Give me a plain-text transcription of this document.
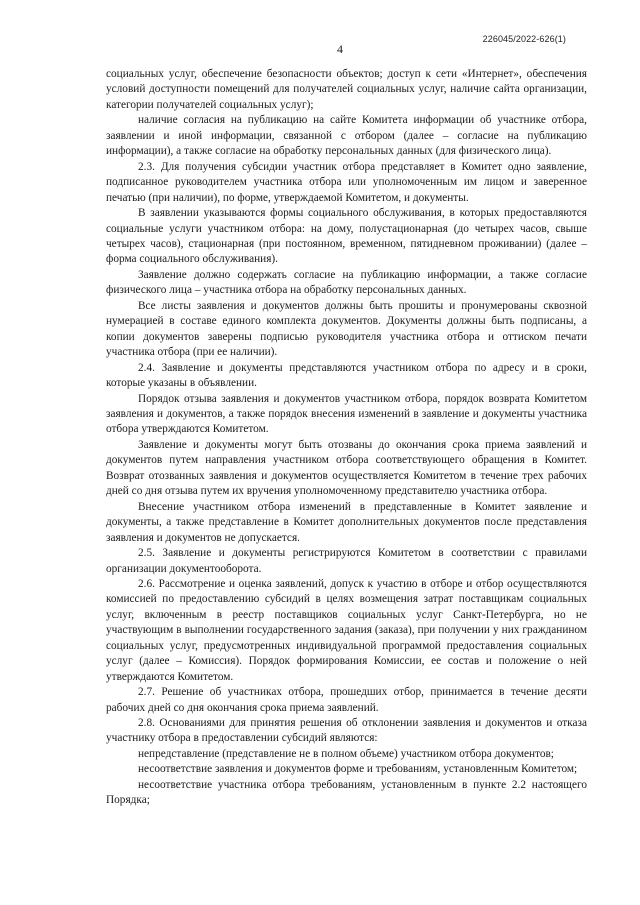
226045/2022-626(1)
4

социальных услуг, обеспечение безопасности объектов; доступ к сети «Интернет», обеспечения условий доступности помещений для получателей социальных услуг, наличие сайта организации, категории получателей социальных услуг);

наличие согласия на публикацию на сайте Комитета информации об участнике отбора, заявлении и иной информации, связанной с отбором (далее – согласие на публикацию информации), а также согласие на обработку персональных данных (для физического лица).

2.3. Для получения субсидии участник отбора представляет в Комитет одно заявление, подписанное руководителем участника отбора или уполномоченным им лицом и заверенное печатью (при наличии), по форме, утверждаемой Комитетом, и документы.

В заявлении указываются формы социального обслуживания, в которых предоставляются социальные услуги участником отбора: на дому, полустационарная (до четырех часов, свыше четырех часов), стационарная (при постоянном, временном, пятидневном проживании) (далее – форма социального обслуживания).

Заявление должно содержать согласие на публикацию информации, а также согласие физического лица – участника отбора на обработку персональных данных.

Все листы заявления и документов должны быть прошиты и пронумерованы сквозной нумерацией в составе единого комплекта документов. Документы должны быть подписаны, а копии документов заверены подписью руководителя участника отбора и оттиском печати участника отбора (при ее наличии).

2.4. Заявление и документы представляются участником отбора по адресу и в сроки, которые указаны в объявлении.

Порядок отзыва заявления и документов участником отбора, порядок возврата Комитетом заявления и документов, а также порядок внесения изменений в заявление и документы участника отбора утверждаются Комитетом.

Заявление и документы могут быть отозваны до окончания срока приема заявлений и документов путем направления участником отбора соответствующего обращения в Комитет. Возврат отозванных заявления и документов осуществляется Комитетом в течение трех рабочих дней со дня отзыва путем их вручения уполномоченному представителю участника отбора.

Внесение участником отбора изменений в представленные в Комитет заявление и документы, а также представление в Комитет дополнительных документов после представления заявления и документов не допускается.

2.5. Заявление и документы регистрируются Комитетом в соответствии с правилами организации документооборота.

2.6. Рассмотрение и оценка заявлений, допуск к участию в отборе и отбор осуществляются комиссией по предоставлению субсидий в целях возмещения затрат поставщикам социальных услуг, включенным в реестр поставщиков социальных услуг Санкт-Петербурга, но не участвующим в выполнении государственного задания (заказа), при получении у них гражданином социальных услуг, предусмотренных индивидуальной программой предоставления социальных услуг (далее – Комиссия). Порядок формирования Комиссии, ее состав и положение о ней утверждаются Комитетом.

2.7. Решение об участниках отбора, прошедших отбор, принимается в течение десяти рабочих дней со дня окончания срока приема заявлений.

2.8. Основаниями для принятия решения об отклонении заявления и документов и отказа участнику отбора в предоставлении субсидий являются:

непредставление (представление не в полном объеме) участником отбора документов;

несоответствие заявления и документов форме и требованиям, установленным Комитетом;

несоответствие участника отбора требованиям, установленным в пункте 2.2 настоящего Порядка;
